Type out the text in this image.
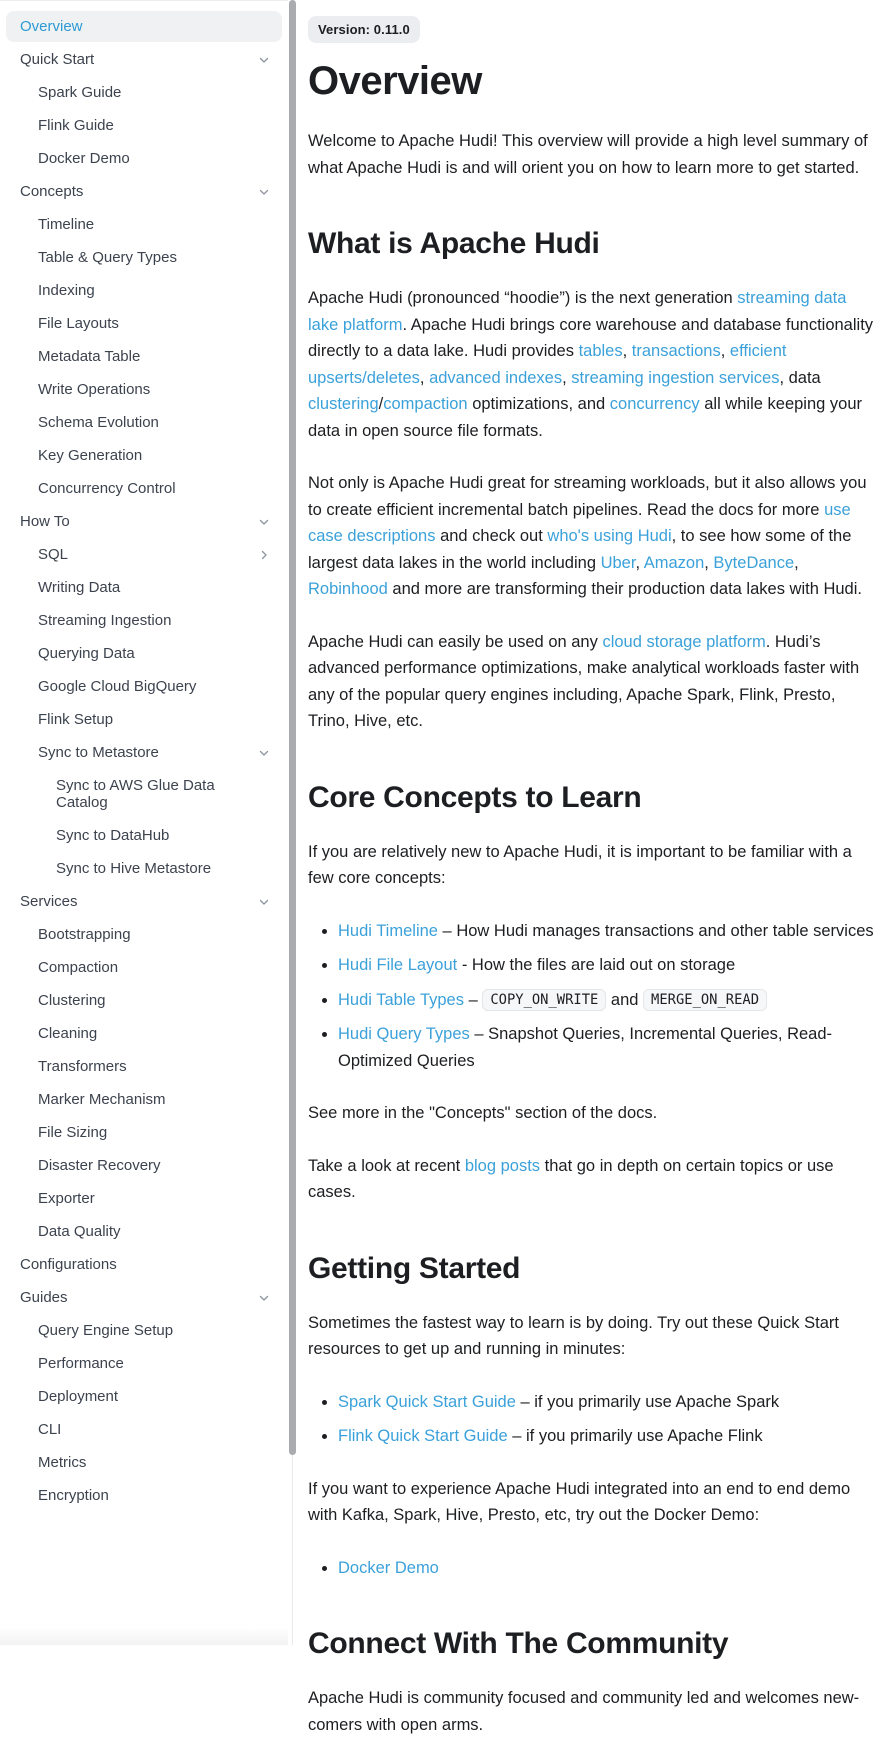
Overview
Quick Start
Spark Guide
Flink Guide
Docker Demo
Concepts
Timeline
Table & Query Types
Indexing
File Layouts
Metadata Table
Write Operations
Schema Evolution
Key Generation
Concurrency Control
How To
SQL
Writing Data
Streaming Ingestion
Querying Data
Google Cloud BigQuery
Flink Setup
Sync to Metastore
Sync to AWS Glue Data Catalog
Sync to DataHub
Sync to Hive Metastore
Services
Bootstrapping
Compaction
Clustering
Cleaning
Transformers
Marker Mechanism
File Sizing
Disaster Recovery
Exporter
Data Quality
Configurations
Guides
Query Engine Setup
Performance
Deployment
CLI
Metrics
Encryption
Version: 0.11.0
Overview

Welcome to Apache Hudi! This overview will provide a high level summary of what Apache Hudi is and will orient you on how to learn more to get started.

What is Apache Hudi

Apache Hudi (pronounced “hoodie”) is the next generation streaming data lake platform. Apache Hudi brings core warehouse and database functionality directly to a data lake. Hudi provides tables, transactions, efficient upserts/deletes, advanced indexes, streaming ingestion services, data clustering/compaction optimizations, and concurrency all while keeping your data in open source file formats.

Not only is Apache Hudi great for streaming workloads, but it also allows you to create efficient incremental batch pipelines. Read the docs for more use case descriptions and check out who's using Hudi, to see how some of the largest data lakes in the world including Uber, Amazon, ByteDance, Robinhood and more are transforming their production data lakes with Hudi.

Apache Hudi can easily be used on any cloud storage platform. Hudi’s advanced performance optimizations, make analytical workloads faster with any of the popular query engines including, Apache Spark, Flink, Presto, Trino, Hive, etc.

Core Concepts to Learn

If you are relatively new to Apache Hudi, it is important to be familiar with a few core concepts:

• Hudi Timeline – How Hudi manages transactions and other table services
• Hudi File Layout - How the files are laid out on storage
• Hudi Table Types – COPY_ON_WRITE and MERGE_ON_READ
• Hudi Query Types – Snapshot Queries, Incremental Queries, Read-Optimized Queries

See more in the "Concepts" section of the docs.

Take a look at recent blog posts that go in depth on certain topics or use cases.

Getting Started

Sometimes the fastest way to learn is by doing. Try out these Quick Start resources to get up and running in minutes:

• Spark Quick Start Guide – if you primarily use Apache Spark
• Flink Quick Start Guide – if you primarily use Apache Flink

If you want to experience Apache Hudi integrated into an end to end demo with Kafka, Spark, Hive, Presto, etc, try out the Docker Demo:

• Docker Demo
Connect With The Community

Apache Hudi is community focused and community led and welcomes new-comers with open arms.
